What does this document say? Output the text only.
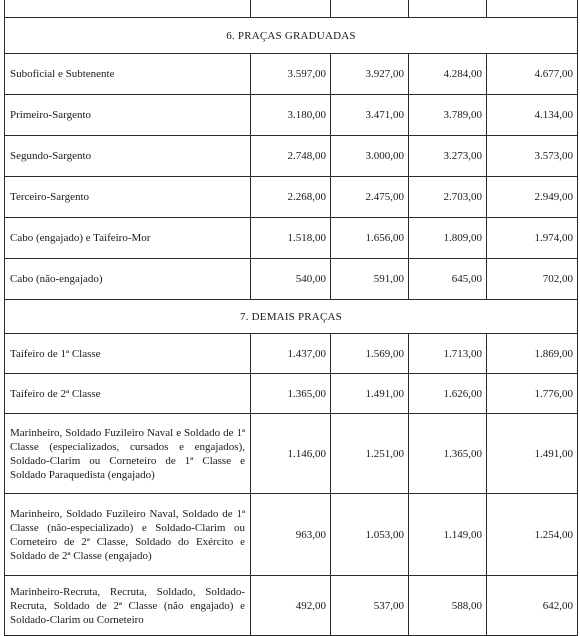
6. PRAÇAS GRADUADAS				
Suboficial e Subtenente	3.597,00	3.927,00	4.284,00	4.677,00
Primeiro-Sargento	3.180,00	3.471,00	3.789,00	4.134,00
Segundo-Sargento	2.748,00	3.000,00	3.273,00	3.573,00
Terceiro-Sargento	2.268,00	2.475,00	2.703,00	2.949,00
Cabo (engajado) e Taifeiro-Mor	1.518,00	1.656,00	1.809,00	1.974,00
Cabo (não-engajado)	540,00	591,00	645,00	702,00
7. DEMAIS PRAÇAS				
Taifeiro de 1ª Classe	1.437,00	1.569,00	1.713,00	1.869,00
Taifeiro de 2ª Classe	1.365,00	1.491,00	1.626,00	1.776,00
Marinheiro, Soldado Fuzileiro Naval e Soldado de 1ª Classe (especializados, cursados e engajados), Soldado-Clarim ou Corneteiro de 1ª Classe e Soldado Paraquedista (engajado)	1.146,00	1.251,00	1.365,00	1.491,00
Marinheiro, Soldado Fuzileiro Naval, Soldado de 1ª Classe (não-especializado) e Soldado-Clarim ou Corneteiro de 2ª Classe, Soldado do Exército e Soldado de 2ª Classe (engajado)	963,00	1.053,00	1.149,00	1.254,00
Marinheiro-Recruta, Recruta, Soldado, Soldado-Recruta, Soldado de 2ª Classe (não engajado) e Soldado-Clarim ou Corneteiro	492,00	537,00	588,00	642,00
